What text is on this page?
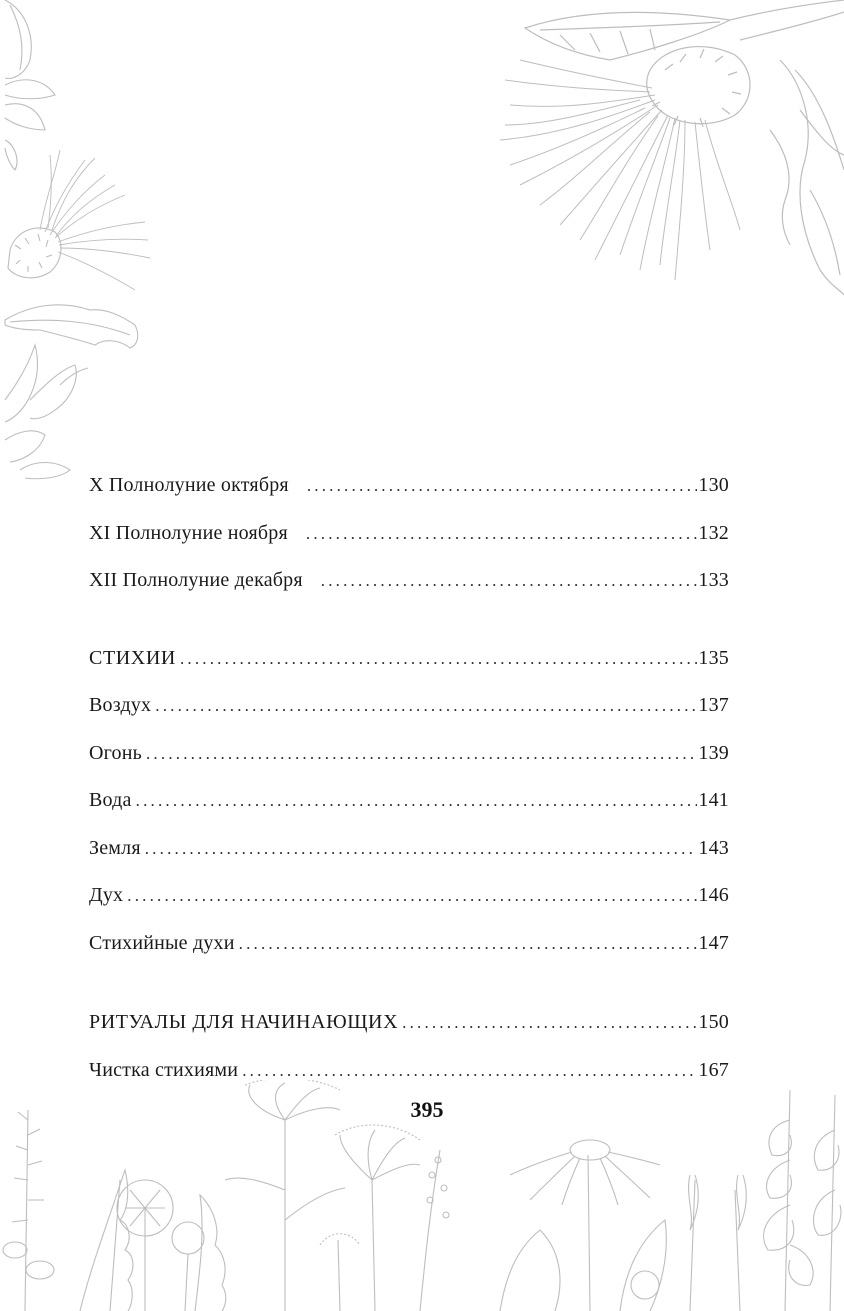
X Полнолуние октября .....	130
XI Полнолуние ноября .....	132
XII Полнолуние декабря .....	133
СТИХИИ .....	135
Воздух .....	137
Огонь .....	139
Вода .....	141
Земля .....	143
Дух .....	146
Стихийные духи .....	147
РИТУАЛЫ ДЛЯ НАЧИНАЮЩИХ .....	150
Чистка стихиями .....	167
395
